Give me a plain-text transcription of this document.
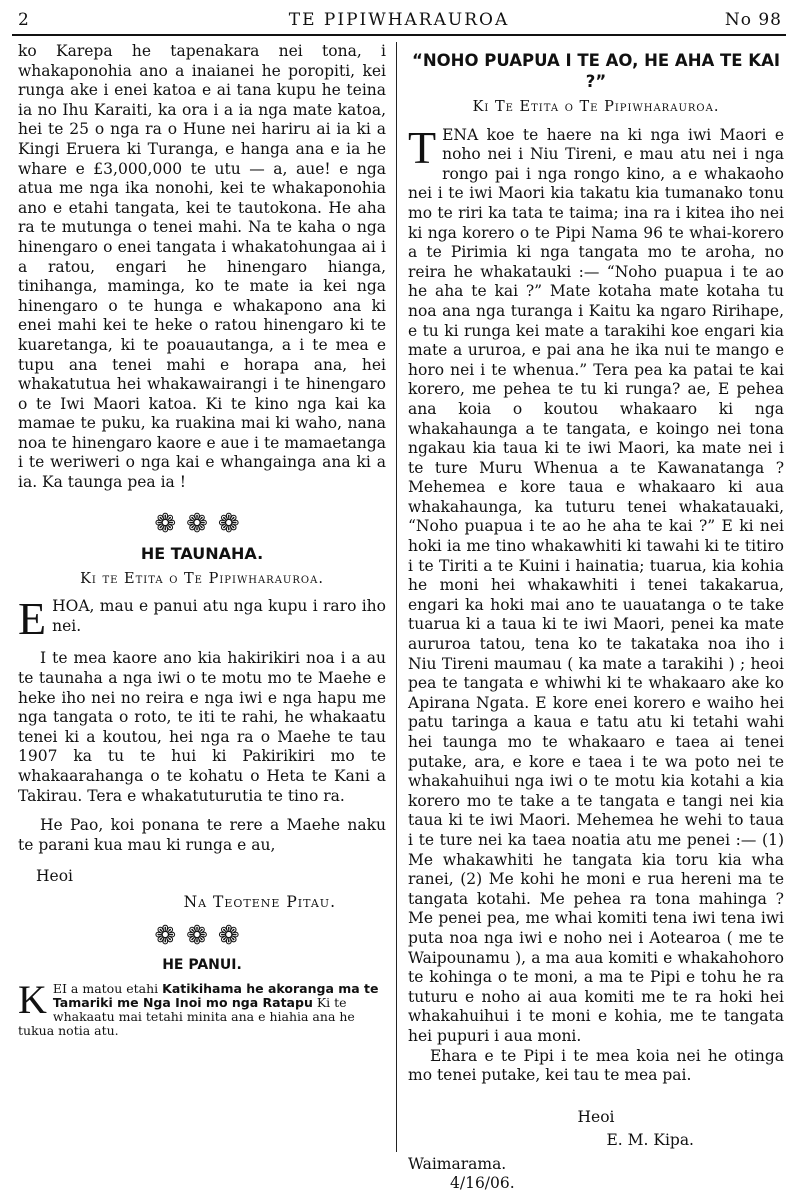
2	TE PIPIWHARAUROA	No 98

ko Karepa he tapenakara nei tona, i whakaponohia ano a inaianei he poropiti, kei runga ake i enei katoa e ai tana kupu he teina ia no Ihu Karaiti, ka ora i a ia nga mate katoa, hei te 25 o nga ra o Hune nei hariru ai ia ki a Kingi Eruera ki Turanga, e hanga ana e ia he whare e £3,000,000 te utu — a, aue! e nga atua me nga ika nonohi, kei te whakaponohia ano e etahi tangata, kei te tautokona. He aha ra te mutunga o tenei mahi. Na te kaha o nga hinengaro o enei tangata i whakatohungaa ai i a ratou, engari he hinengaro hianga, tinihanga, maminga, ko te mate ia kei nga hinengaro o te hunga e whakapono ana ki enei mahi kei te heke o ratou hinengaro ki te kuaretanga, ki te poauautanga, a i te mea e tupu ana tenei mahi e horapa ana, hei whakatutua hei whakawairangi i te hinengaro o te Iwi Maori katoa. Ki te kino nga kai ka mamae te puku, ka ruakina mai ki waho, nana noa te hinengaro kaore e aue i te mamaetanga i te weriweri o nga kai e whangainga ana ki a ia. Ka taunga pea ia !

❁❁❁
HE TAUNAHA.
Ki te Etita o Te Pipiwharauroa.

E HOA, mau e panui atu nga kupu i raro iho nei.

I te mea kaore ano kia hakirikiri noa i a au te taunaha a nga iwi o te motu mo te Maehe e heke iho nei no reira e nga iwi e nga hapu me nga tangata o roto, te iti te rahi, he whakaatu tenei ki a koutou, hei nga ra o Maehe te tau 1907 ka tu te hui ki Pakirikiri mo te whakaarahanga o te kohatu o Heta te Kani a Takirau. Tera e whakatuturutia te tino ra.

He Pao, koi ponana te rere a Maehe naku te parani kua mau ki runga e au,

Heoi

Na Teotene Pitau.

❁❁❁
HE PANUI.

K EI a matou etahi Katikihama he akoranga ma te Tamariki me Nga Inoi mo nga Ratapu Ki te whakaatu mai tetahi minita ana e hiahia ana he tukua notia atu.

“NOHO PUAPUA I TE AO, HE AHA TE KAI ?”
Ki Te Etita o Te Pipiwharauroa.

T ENA koe te haere na ki nga iwi Maori e noho nei i Niu Tireni, e mau atu nei i nga rongo pai i nga rongo kino, a e whakaoho nei i te iwi Maori kia takatu kia tumanako tonu mo te riri ka tata te taima; ina ra i kitea iho nei ki nga korero o te Pipi Nama 96 te whai-korero a te Pirimia ki nga tangata mo te aroha, no reira he whakatauki :— “Noho puapua i te ao he aha te kai ?” Mate kotaha mate kotaha tu noa ana nga turanga i Kaitu ka ngaro Ririhape, e tu ki runga kei mate a tarakihi koe engari kia mate a ururoa, e pai ana he ika nui te mango e horo nei i te whenua.” Tera pea ka patai te kai korero, me pehea te tu ki runga? ae, E pehea ana koia o koutou whakaaro ki nga whakahaunga a te tangata, e koingo nei tona ngakau kia taua ki te iwi Maori, ka mate nei i te ture Muru Whenua a te Kawanatanga ? Mehemea e kore taua e whakaaro ki aua whakahaunga, ka tuturu tenei whakatauaki, “Noho puapua i te ao he aha te kai ?” E ki nei hoki ia me tino whakawhiti ki tawahi ki te titiro i te Tiriti a te Kuini i hainatia; tuarua, kia kohia he moni hei whakawhiti i tenei takakarua, engari ka hoki mai ano te uauatanga o te take tuarua ki a taua ki te iwi Maori, penei ka mate aururoa tatou, tena ko te takataka noa iho i Niu Tireni maumau ( ka mate a tarakihi ) ; heoi pea te tangata e whiwhi ki te whakaaro ake ko Apirana Ngata. E kore enei korero e waiho hei patu taringa a kaua e tatu atu ki tetahi wahi hei taunga mo te whakaaro e taea ai tenei putake, ara, e kore e taea i te wa poto nei te whakahuihui nga iwi o te motu kia kotahi a kia korero mo te take a te tangata e tangi nei kia taua ki te iwi Maori. Mehemea he wehi to taua i te ture nei ka taea noatia atu me penei :— (1) Me whakawhiti he tangata kia toru kia wha ranei, (2) Me kohi he moni e rua hereni ma te tangata kotahi. Me pehea ra tona mahinga ? Me penei pea, me whai komiti tena iwi tena iwi puta noa nga iwi e noho nei i Aotearoa ( me te Waipounamu ), a ma aua komiti e whakahohoro te kohinga o te moni, a ma te Pipi e tohu he ra tuturu e noho ai aua komiti me te ra hoki hei whakahuihui i te moni e kohia, me te tangata hei pupuri i aua moni.

Ehara e te Pipi i te mea koia nei he otinga mo tenei putake, kei tau te mea pai.

Heoi

E. M. Kipa.

Waimarama.

4/16/06.
